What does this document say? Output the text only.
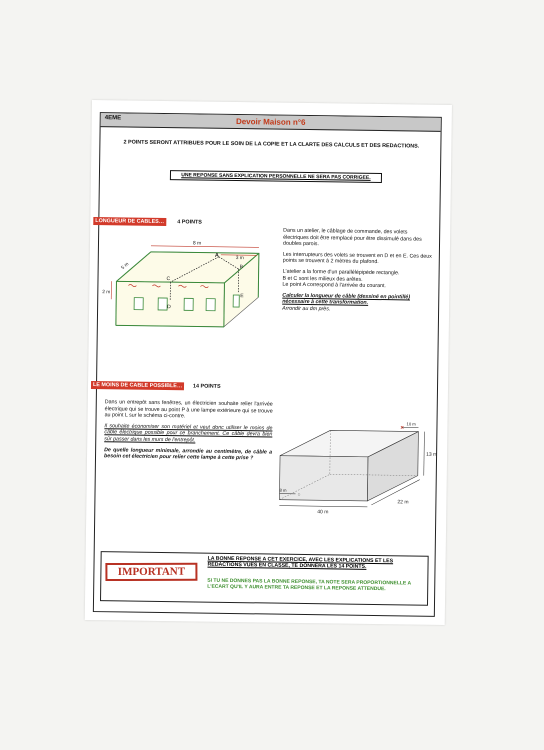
4EME	Devoir Maison n°6
2 POINTS SERONT ATTRIBUES POUR LE SOIN DE LA COPIE ET LA CLARTE DES CALCULS ET DES REDACTIONS.
UNE REPONSE SANS EXPLICATION PERSONNELLE NE SERA PAS CORRIGEE.
LONGUEUR DE CABLES…	4 POINTS
8 m
3 m
5 m
2 m
A
B
C
D
E

Dans un atelier, le câblage de commande, des volets électriques doit être remplacé pour être dissimulé dans des doubles parois.

Les interrupteurs des volets se trouvent en D et en E. Ces deux points se trouvent à 2 mètres du plafond.

L'atelier a la forme d'un parallélépipède rectangle.
B et C sont les milieux des arêtes.

Le point A correspond à l'arrivée du courant.

Calculer la longueur de câble (dessiné en pointillé) nécessaire à cette transformation.
Arrondir au dm près.
LE MOINS DE CABLE POSSIBLE…	14 POINTS

Dans un entrepôt sans fenêtres, un électricien souhaite relier l'arrivée électrique qui se trouve au point P à une lampe extérieure qui se trouve au point L sur le schéma ci-contre.

Il souhaite économiser son matériel et veut donc utiliser le moins de câble électrique possible pour ce branchement. Ce câble devra bien sûr passer dans les murs de l'entrepôt.

De quelle longueur minimale, arrondie au centimètre, de câble a besoin cet électricien pour relier cette lampe à cette prise ?

×
10 m
13 m
8 m
○
40 m
22 m
IMPORTANT
LA BONNE REPONSE A CET EXERCICE, AVEC LES EXPLICATIONS ET LES REDACTIONS VUES EN CLASSE, TE DONNERA LES 14 POINTS.
SI TU NE DONNES PAS LA BONNE REPONSE, TA NOTE SERA PROPORTIONNELLE A L'ECART QU'IL Y AURA ENTRE TA REPONSE ET LA REPONSE ATTENDUE.
